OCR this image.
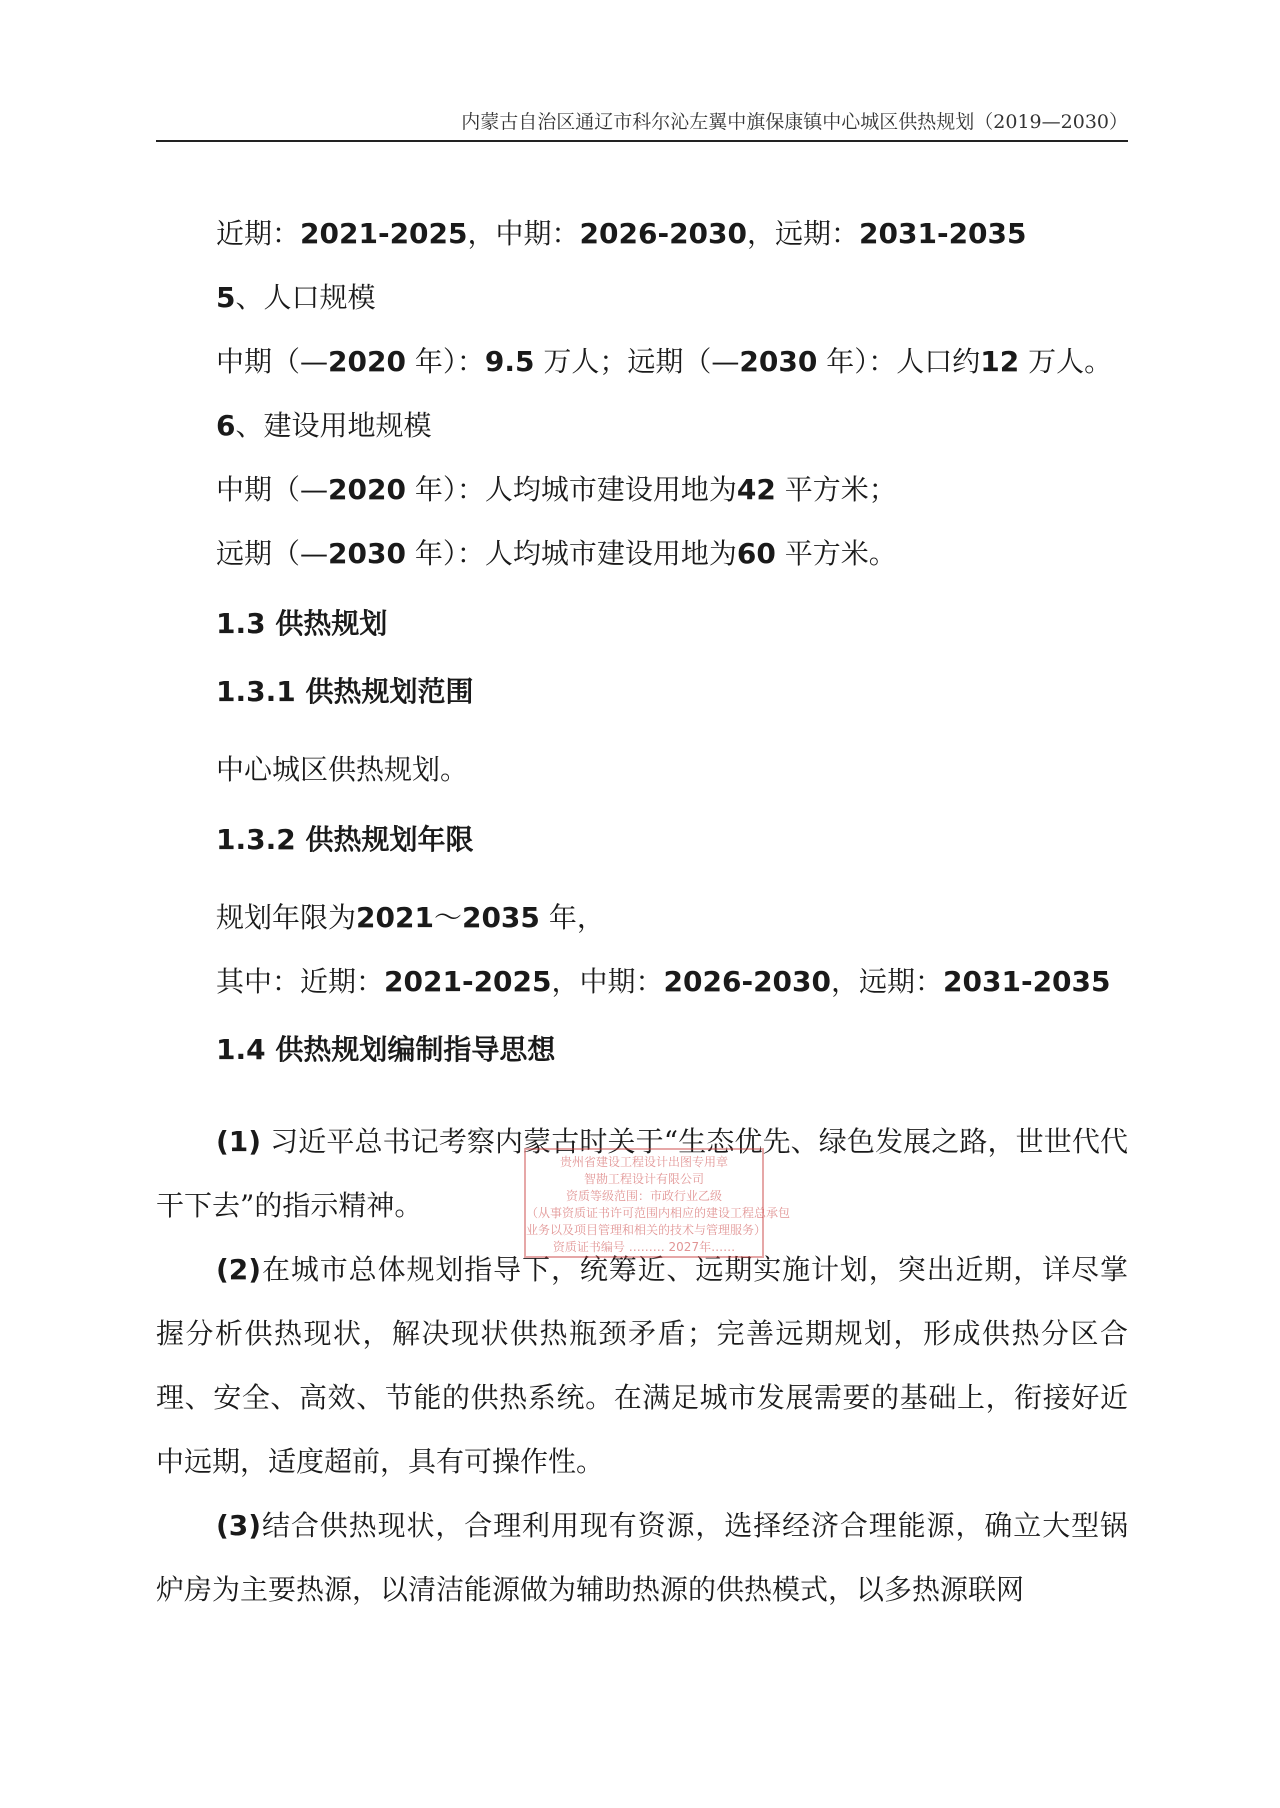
内蒙古自治区通辽市科尔沁左翼中旗保康镇中心城区供热规划（2019—2030）
近期：2021-2025，中期：2026-2030，远期：2031-2035
5、人口规模
中期（—2020 年）：9.5 万人；远期（—2030 年）：人口约12 万人。
6、建设用地规模
中期（—2020 年）：人均城市建设用地为42 平方米；
远期（—2030 年）：人均城市建设用地为60 平方米。
1.3 供热规划
1.3.1 供热规划范围
中心城区供热规划。
1.3.2 供热规划年限
规划年限为2021～2035 年，
其中：近期：2021-2025，中期：2026-2030，远期：2031-2035
1.4 供热规划编制指导思想
(1) 习近平总书记考察内蒙古时关于“生态优先、绿色发展之路，世世代代干下去”的指示精神。
(2)在城市总体规划指导下，统筹近、远期实施计划，突出近期，详尽掌握分析供热现状，解决现状供热瓶颈矛盾；完善远期规划，形成供热分区合理、安全、高效、节能的供热系统。在满足城市发展需要的基础上，衔接好近中远期，适度超前，具有可操作性。
(3)结合供热现状，合理利用现有资源，选择经济合理能源，确立大型锅炉房为主要热源，以清洁能源做为辅助热源的供热模式，以多热源联网
贵州省建设工程设计出图专用章
智勘工程设计有限公司
资质等级范围：市政行业乙级
（从事资质证书许可范围内相应的建设工程总承包
业务以及项目管理和相关的技术与管理服务）
资质证书编号 ……… 2027年……
